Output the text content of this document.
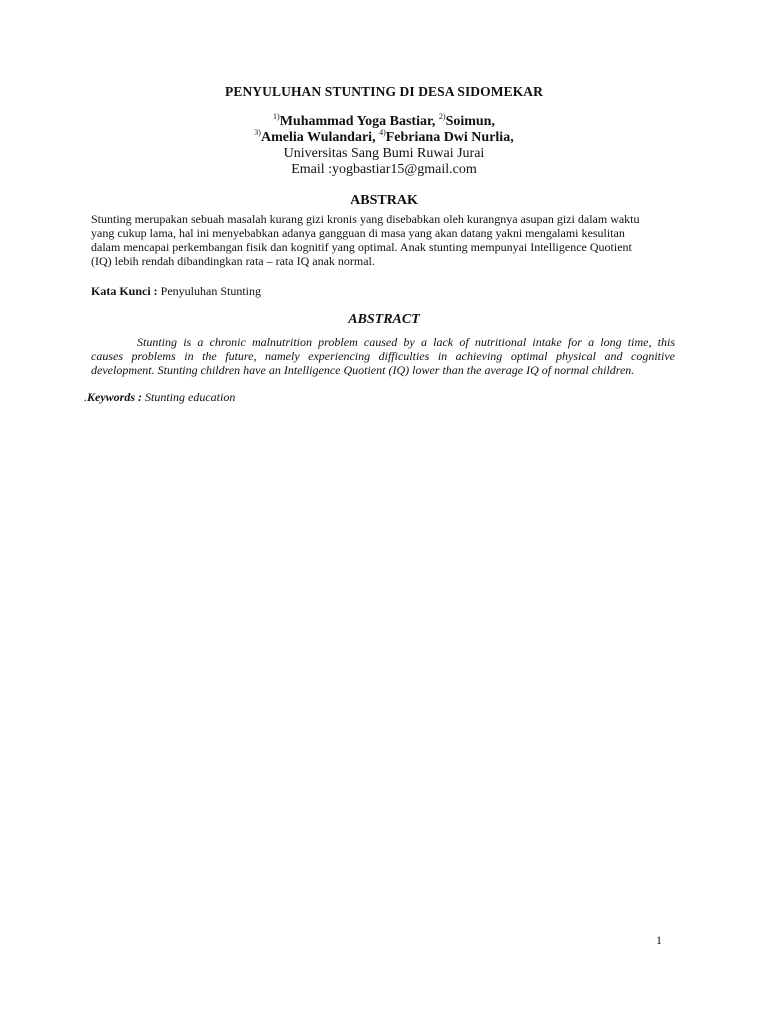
PENYULUHAN STUNTING DI DESA SIDOMEKAR
$^{1)}$Muhammad Yoga Bastiar, $^{2)}$Soimun,
$^{3)}$Amelia Wulandari, $^{4)}$Febriana Dwi Nurlia,
Universitas Sang Bumi Ruwai Jurai
Email :yogbastiar15@gmail.com
ABSTRAK
Stunting merupakan sebuah masalah kurang gizi kronis yang disebabkan oleh kurangnya asupan gizi dalam waktu
yang cukup lama, hal ini menyebabkan adanya gangguan di masa yang akan datang yakni mengalami kesulitan
dalam mencapai perkembangan fisik dan kognitif yang optimal. Anak stunting mempunyai Intelligence Quotient
(IQ) lebih rendah dibandingkan rata – rata IQ anak normal.
Kata Kunci : Penyuluhan Stunting
ABSTRACT
Stunting is a chronic malnutrition problem caused by a lack of nutritional intake for a long time, this
causes problems in the future, namely experiencing difficulties in achieving optimal physical and cognitive
development. Stunting children have an Intelligence Quotient (IQ) lower than the average IQ of normal children.
.Keywords : Stunting education
1
